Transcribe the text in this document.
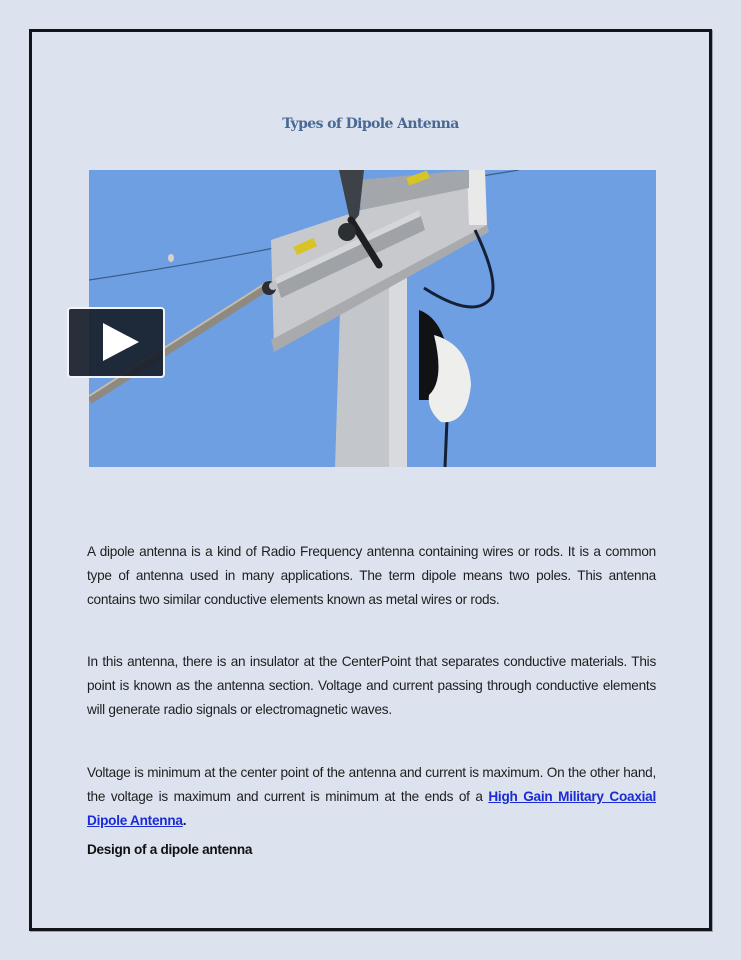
Types of Dipole Antenna

A dipole antenna is a kind of Radio Frequency antenna containing wires or rods. It is a common type of antenna used in many applications. The term dipole means two poles. This antenna contains two similar conductive elements known as metal wires or rods.

In this antenna, there is an insulator at the CenterPoint that separates conductive materials. This point is known as the antenna section. Voltage and current passing through conductive elements will generate radio signals or electromagnetic waves.

Voltage is minimum at the center point of the antenna and current is maximum. On the other hand, the voltage is maximum and current is minimum at the ends of a High Gain Military Coaxial Dipole Antenna.

Design of a dipole antenna
